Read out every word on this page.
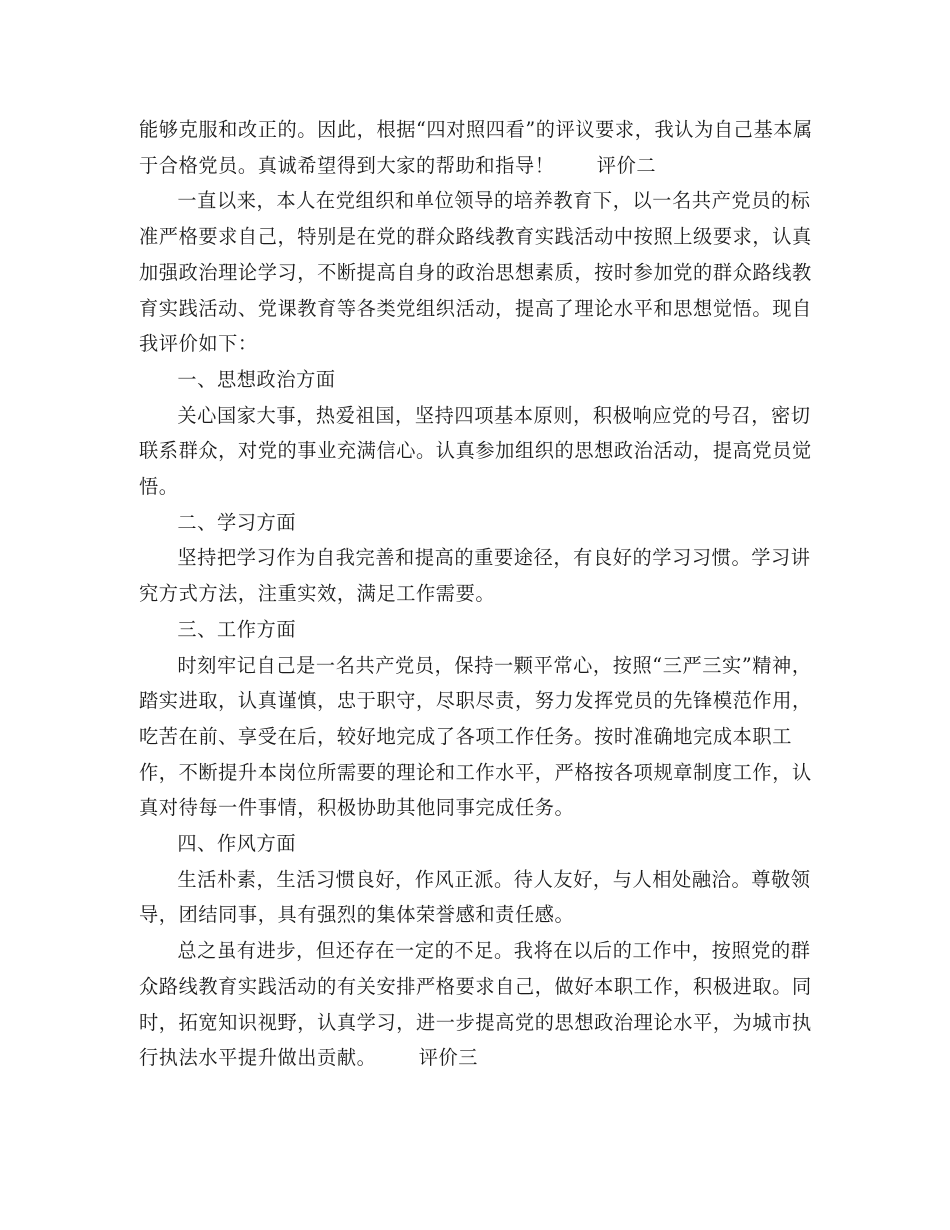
能够克服和改正的。因此，根据“四对照四看”的评议要求，我认为自己基本属于合格党员。真诚希望得到大家的帮助和指导！ 评价二

一直以来，本人在党组织和单位领导的培养教育下，以一名共产党员的标准严格要求自己，特别是在党的群众路线教育实践活动中按照上级要求，认真加强政治理论学习，不断提高自身的政治思想素质，按时参加党的群众路线教育实践活动、党课教育等各类党组织活动，提高了理论水平和思想觉悟。现自我评价如下：

一、思想政治方面

关心国家大事，热爱祖国，坚持四项基本原则，积极响应党的号召，密切联系群众，对党的事业充满信心。认真参加组织的思想政治活动，提高党员觉悟。

二、学习方面

坚持把学习作为自我完善和提高的重要途径，有良好的学习习惯。学习讲究方式方法，注重实效，满足工作需要。

三、工作方面

时刻牢记自己是一名共产党员，保持一颗平常心，按照“三严三实”精神，踏实进取，认真谨慎，忠于职守，尽职尽责，努力发挥党员的先锋模范作用，吃苦在前、享受在后，较好地完成了各项工作任务。按时准确地完成本职工作，不断提升本岗位所需要的理论和工作水平，严格按各项规章制度工作，认真对待每一件事情，积极协助其他同事完成任务。

四、作风方面

生活朴素，生活习惯良好，作风正派。待人友好，与人相处融洽。尊敬领导，团结同事，具有强烈的集体荣誉感和责任感。

总之虽有进步，但还存在一定的不足。我将在以后的工作中，按照党的群众路线教育实践活动的有关安排严格要求自己，做好本职工作，积极进取。同时，拓宽知识视野，认真学习，进一步提高党的思想政治理论水平，为城市执行执法水平提升做出贡献。 评价三
